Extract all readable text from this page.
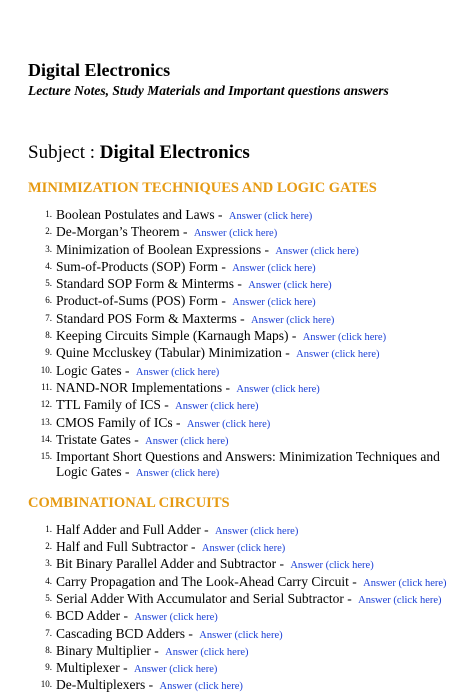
Digital Electronics

Lecture Notes, Study Materials and Important questions answers

Subject : Digital Electronics
MINIMIZATION TECHNIQUES AND LOGIC GATES
1. Boolean Postulates and Laws - Answer (click here)
2. De-Morgan’s Theorem - Answer (click here)
3. Minimization of Boolean Expressions - Answer (click here)
4. Sum-of-Products (SOP) Form - Answer (click here)
5. Standard SOP Form & Minterms - Answer (click here)
6. Product-of-Sums (POS) Form - Answer (click here)
7. Standard POS Form & Maxterms - Answer (click here)
8. Keeping Circuits Simple (Karnaugh Maps) - Answer (click here)
9. Quine Mccluskey (Tabular) Minimization - Answer (click here)
10. Logic Gates - Answer (click here)
11. NAND-NOR Implementations - Answer (click here)
12. TTL Family of ICS - Answer (click here)
13. CMOS Family of ICs - Answer (click here)
14. Tristate Gates - Answer (click here)
15. Important Short Questions and Answers: Minimization Techniques and Logic Gates - Answer (click here)
COMBINATIONAL CIRCUITS
1. Half Adder and Full Adder - Answer (click here)
2. Half and Full Subtractor - Answer (click here)
3. Bit Binary Parallel Adder and Subtractor - Answer (click here)
4. Carry Propagation and The Look-Ahead Carry Circuit - Answer (click here)
5. Serial Adder With Accumulator and Serial Subtractor - Answer (click here)
6. BCD Adder - Answer (click here)
7. Cascading BCD Adders - Answer (click here)
8. Binary Multiplier - Answer (click here)
9. Multiplexer - Answer (click here)
10. De-Multiplexers - Answer (click here)
